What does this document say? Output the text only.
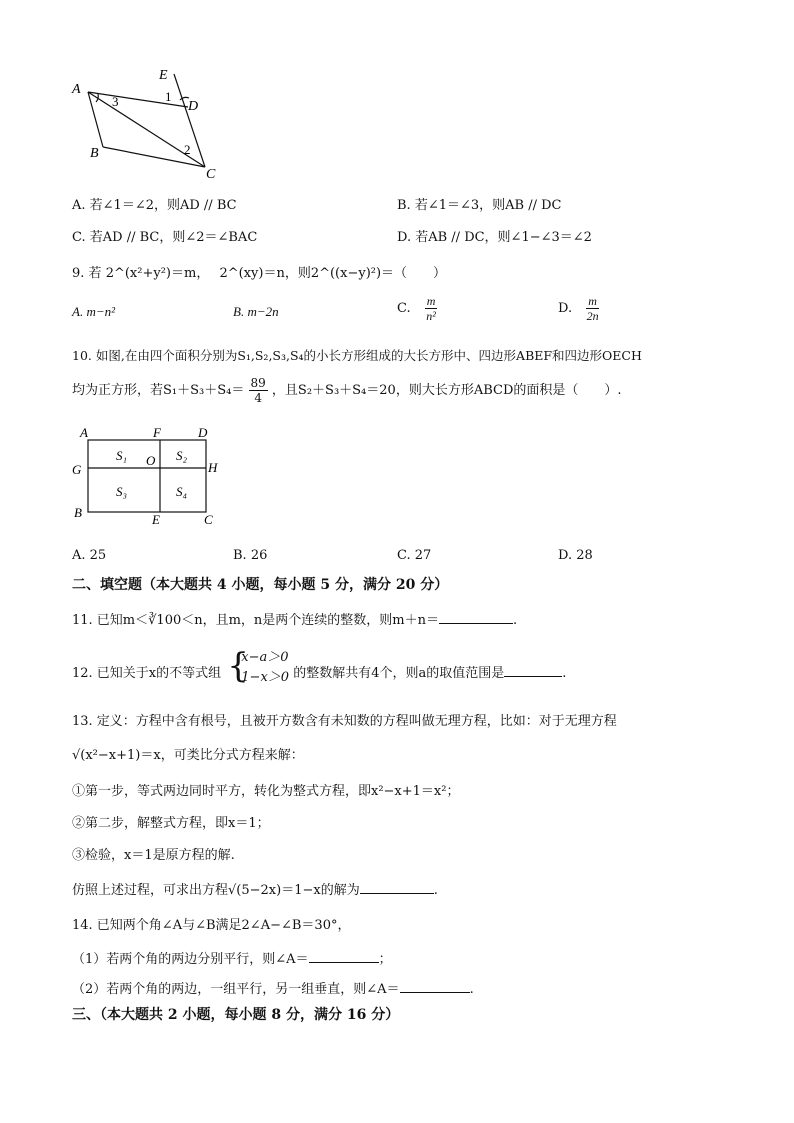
A
E
D
B
C
1
3
2
A. 若∠1＝∠2，则AD // BC	B. 若∠1＝∠3，则AB // DC
C. 若AD // BC，则∠2＝∠BAC	D. 若AB // DC，则∠1−∠3＝∠2
9. 若 2^(x²+y²)＝m， 2^(xy)＝n，则2^((x−y)²)＝（　　）
A. m−n²	B. m−2n	C. $\frac{m}{\text{n²}}$	D. $\frac{m}{2n}$
10. 如图,在由四个面积分别为S₁,S₂,S₃,S₄的小长方形组成的大长方形中、四边形ABEF和四边形OECH
均为正方形，若$S_1+S_3+S_4= \frac{89}{4}$ ，且S₂＋S₃＋S₄＝20，则大长方形ABCD的面积是（　　）.
A	F	D
G
O	H
B	E	C
S₁	S₂
S₃	S₄
A. 25	B. 26	C. 27	D. 28
二、填空题（本大题共 4 小题，每小题 5 分，满分 20 分）
11. 已知m＜∛100＜n，且m，n是两个连续的整数，则m＋n＝	.
12. 已知关于x的不等式组 {
x−a＞0
1−x＞0 的整数解共有4个，则a的取值范围是	.
13. 定义：方程中含有根号，且被开方数含有未知数的方程叫做无理方程，比如：对于无理方程
√(x²−x+1)＝x，可类比分式方程来解：
①第一步，等式两边同时平方，转化为整式方程，即x²−x+1＝x²；
②第二步，解整式方程，即x＝1；
③检验，x＝1是原方程的解.
仿照上述过程，可求出方程√(5−2x)＝1−x的解为	.
14. 已知两个角∠A与∠B满足2∠A−∠B＝30°，
（1）若两个角的两边分别平行，则∠A＝	；
（2）若两个角的两边，一组平行，另一组垂直，则∠A＝	.
三、（本大题共 2 小题，每小题 8 分，满分 16 分）
